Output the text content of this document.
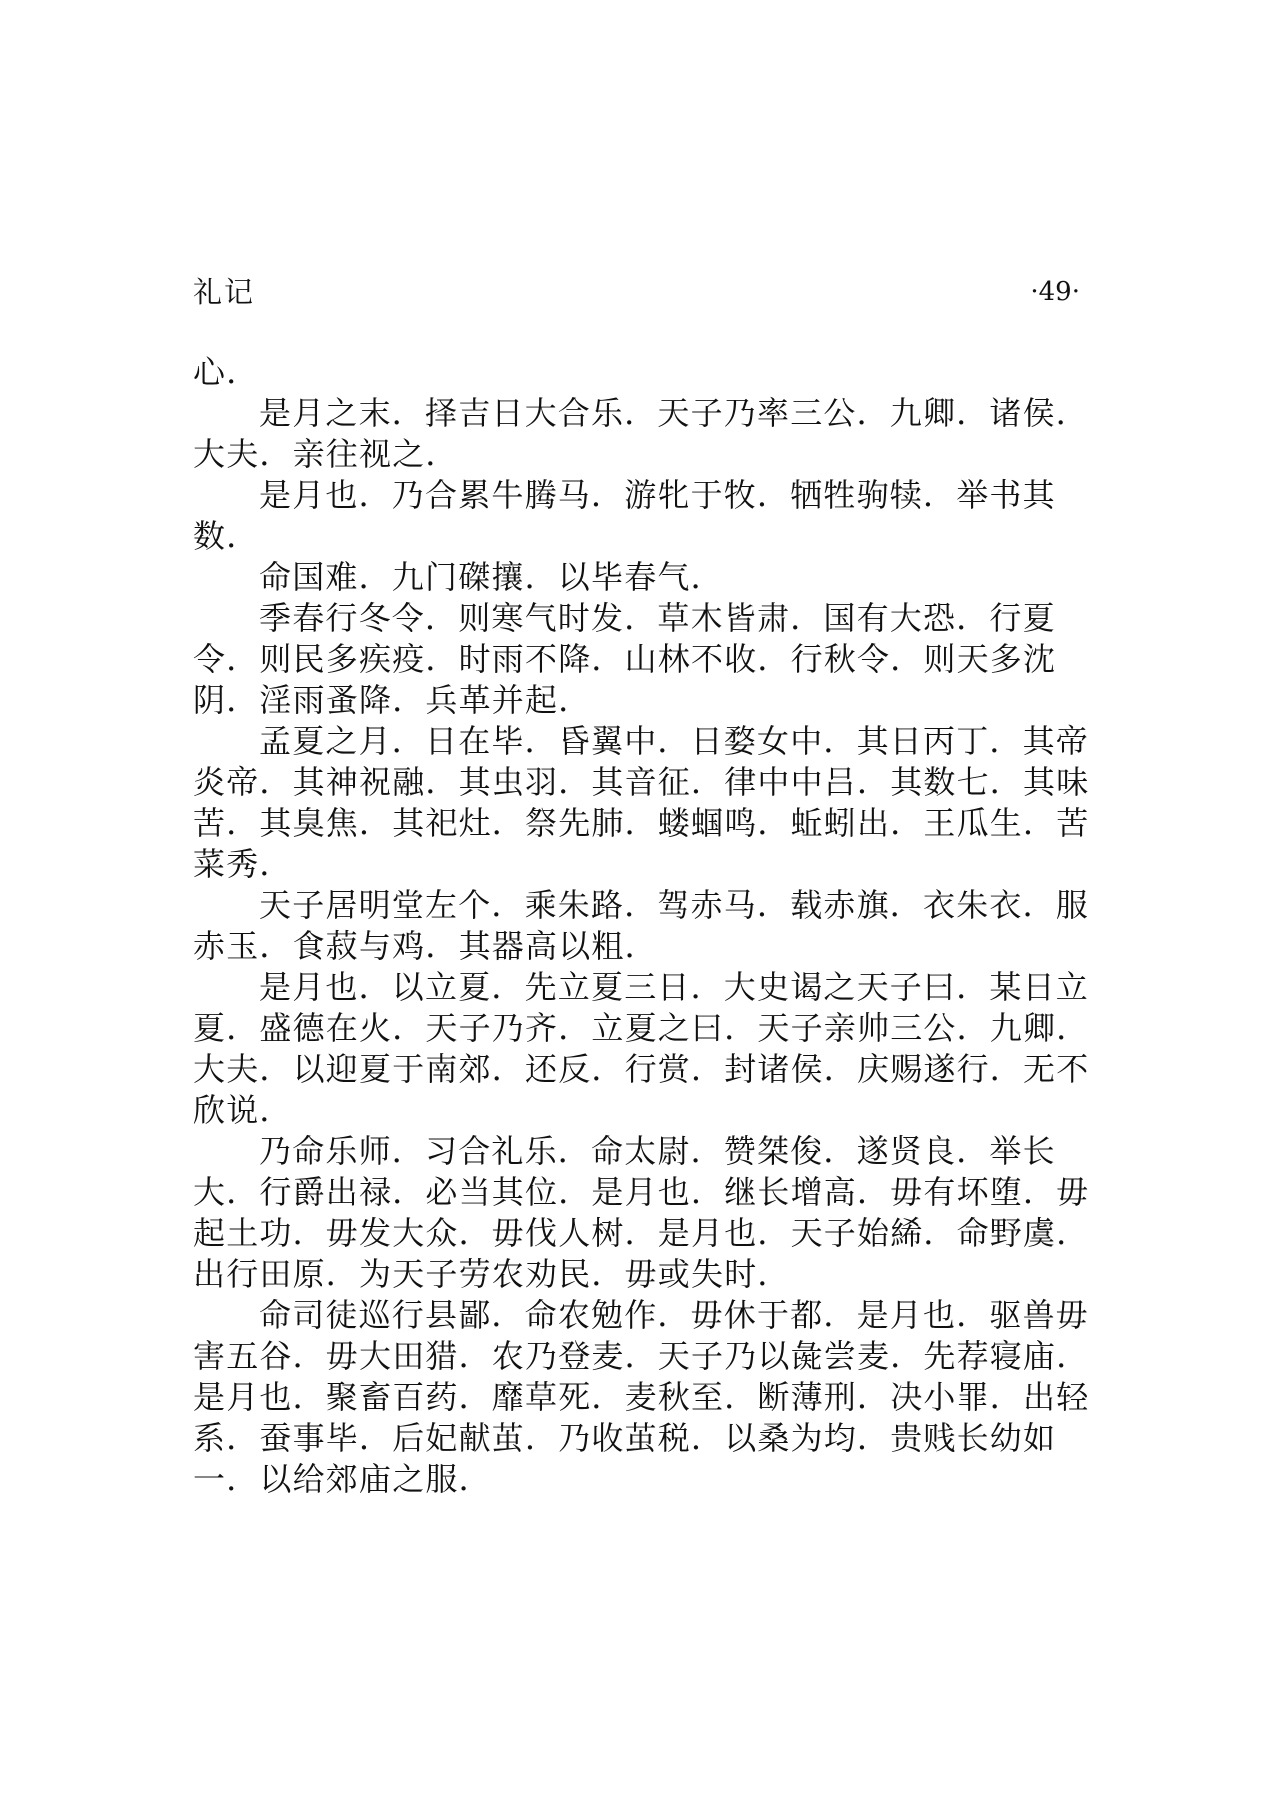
礼记	·49·

心．

是月之末．择吉日大合乐．天子乃率三公．九卿．诸侯．大夫．亲往视之．

是月也．乃合累牛腾马．游牝于牧．牺牲驹犊．举书其数．

命国难．九门磔攘．以毕春气．

季春行冬令．则寒气时发．草木皆肃．国有大恐．行夏令．则民多疾疫．时雨不降．山林不收．行秋令．则天多沈阴．淫雨蚤降．兵革并起．

孟夏之月．日在毕．昏翼中．日婺女中．其日丙丁．其帝炎帝．其神祝融．其虫羽．其音征．律中中吕．其数七．其味苦．其臭焦．其祀灶．祭先肺．蝼蝈鸣．蚯蚓出．王瓜生．苦菜秀．

天子居明堂左个．乘朱路．驾赤马．载赤旗．衣朱衣．服赤玉．食菽与鸡．其器高以粗．

是月也．以立夏．先立夏三日．大史谒之天子曰．某日立夏．盛德在火．天子乃齐．立夏之曰．天子亲帅三公．九卿．大夫．以迎夏于南郊．还反．行赏．封诸侯．庆赐遂行．无不欣说．

乃命乐师．习合礼乐．命太尉．赞桀俊．遂贤良．举长大．行爵出禄．必当其位．是月也．继长增高．毋有坏堕．毋起土功．毋发大众．毋伐人树．是月也．天子始絺．命野虞．出行田原．为天子劳农劝民．毋或失时．

命司徒巡行县鄙．命农勉作．毋休于都．是月也．驱兽毋害五谷．毋大田猎．农乃登麦．天子乃以彘尝麦．先荐寝庙．是月也．聚畜百药．靡草死．麦秋至．断薄刑．决小罪．出轻系．蚕事毕．后妃献茧．乃收茧税．以桑为均．贵贱长幼如一．以给郊庙之服．
